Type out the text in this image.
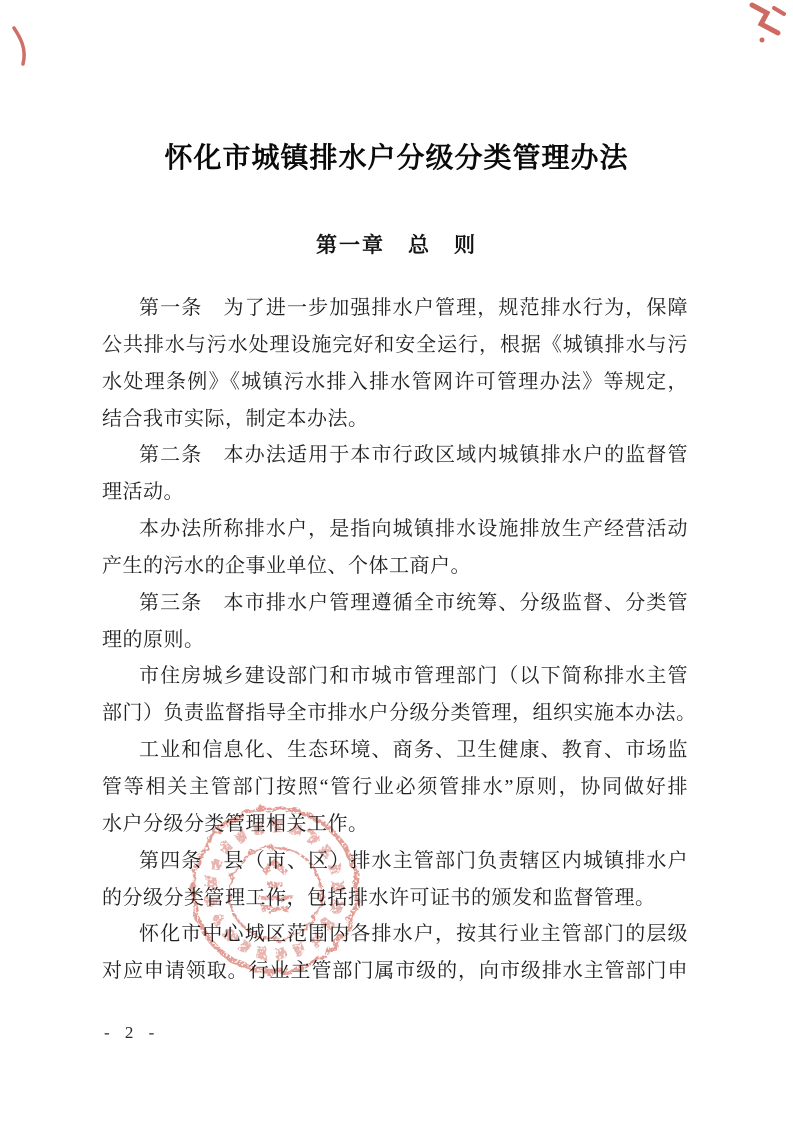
怀化市城镇排水户分级分类管理办法
第一章　总　则
第一条　为了进一步加强排水户管理，规范排水行为，保障
公共排水与污水处理设施完好和安全运行，根据《城镇排水与污
水处理条例》《城镇污水排入排水管网许可管理办法》等规定，
结合我市实际，制定本办法。
第二条　本办法适用于本市行政区域内城镇排水户的监督管
理活动。
本办法所称排水户，是指向城镇排水设施排放生产经营活动
产生的污水的企事业单位、个体工商户。
第三条　本市排水户管理遵循全市统筹、分级监督、分类管
理的原则。
市住房城乡建设部门和市城市管理部门（以下简称排水主管
部门）负责监督指导全市排水户分级分类管理，组织实施本办法。
工业和信息化、生态环境、商务、卫生健康、教育、市场监
管等相关主管部门按照“管行业必须管排水”原则，协同做好排
水户分级分类管理相关工作。
第四条　县（市、区）排水主管部门负责辖区内城镇排水户
的分级分类管理工作，包括排水许可证书的颁发和监督管理。
怀化市中心城区范围内各排水户，按其行业主管部门的层级
对应申请领取。行业主管部门属市级的，向市级排水主管部门申
- 2 -
